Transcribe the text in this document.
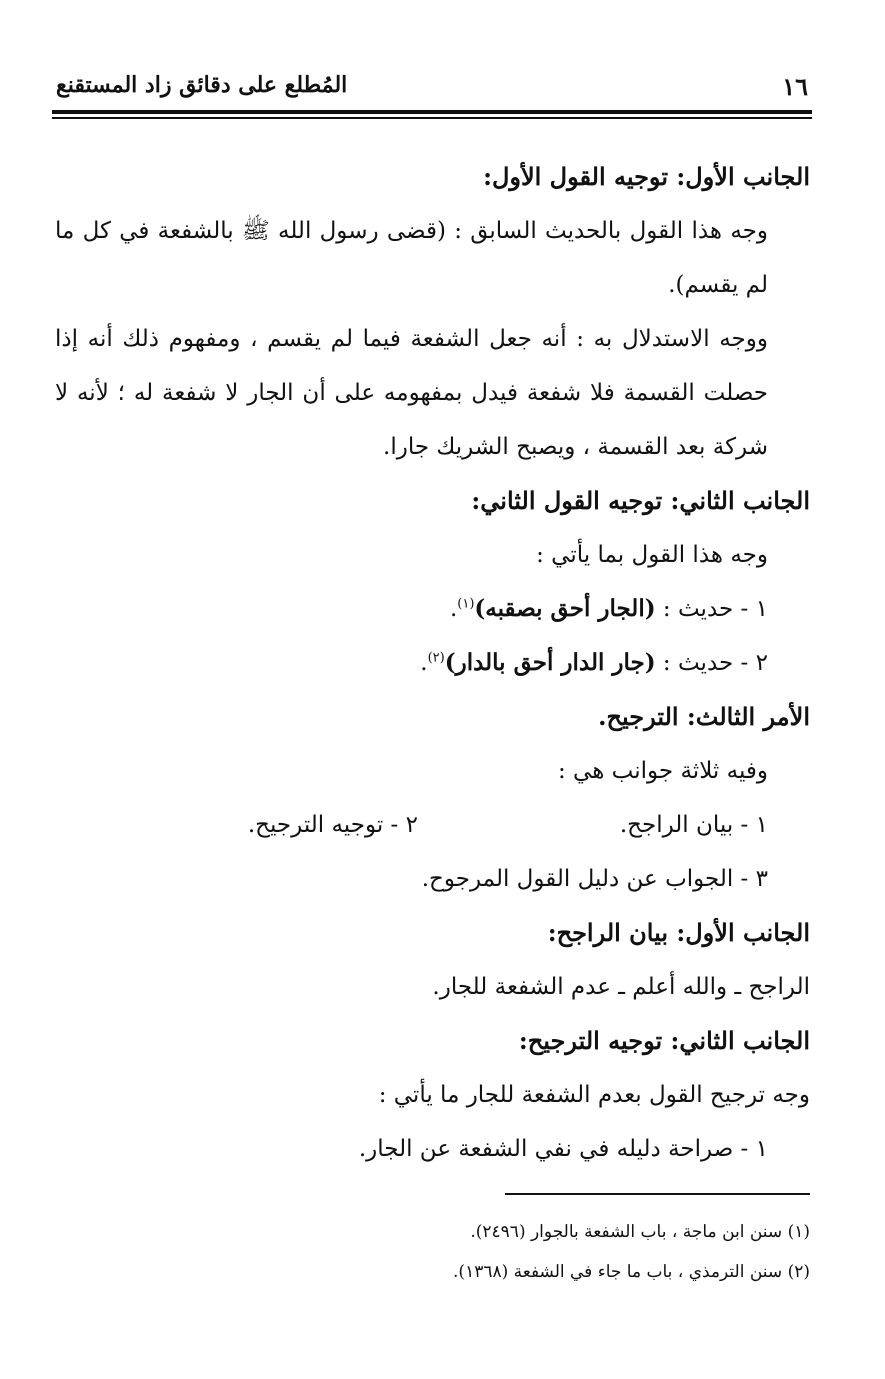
١٦
المُطلع على دقائق زاد المستقنع
الجانب الأول: توجيه القول الأول:
وجه هذا القول بالحديث السابق : (قضى رسول الله ﷺ بالشفعة في كل ما لم يقسم).
ووجه الاستدلال به : أنه جعل الشفعة فيما لم يقسم ، ومفهوم ذلك أنه إذا حصلت القسمة فلا شفعة فيدل بمفهومه على أن الجار لا شفعة له ؛ لأنه لا شركة بعد القسمة ، ويصبح الشريك جارا.
الجانب الثاني: توجيه القول الثاني:
وجه هذا القول بما يأتي :
١ - حديث : (الجار أحق بصقبه)$^{(١)}$.
٢ - حديث : (جار الدار أحق بالدار)$^{(٢)}$.
الأمر الثالث: الترجيح.
وفيه ثلاثة جوانب هي :
١ - بيان الراجح.
٢ - توجيه الترجيح.
٣ - الجواب عن دليل القول المرجوح.
الجانب الأول: بيان الراجح:
الراجح ـ والله أعلم ـ عدم الشفعة للجار.
الجانب الثاني: توجيه الترجيح:
وجه ترجيح القول بعدم الشفعة للجار ما يأتي :
١ - صراحة دليله في نفي الشفعة عن الجار.
(١) سنن ابن ماجة ، باب الشفعة بالجوار (٢٤٩٦).
(٢) سنن الترمذي ، باب ما جاء في الشفعة (١٣٦٨).
